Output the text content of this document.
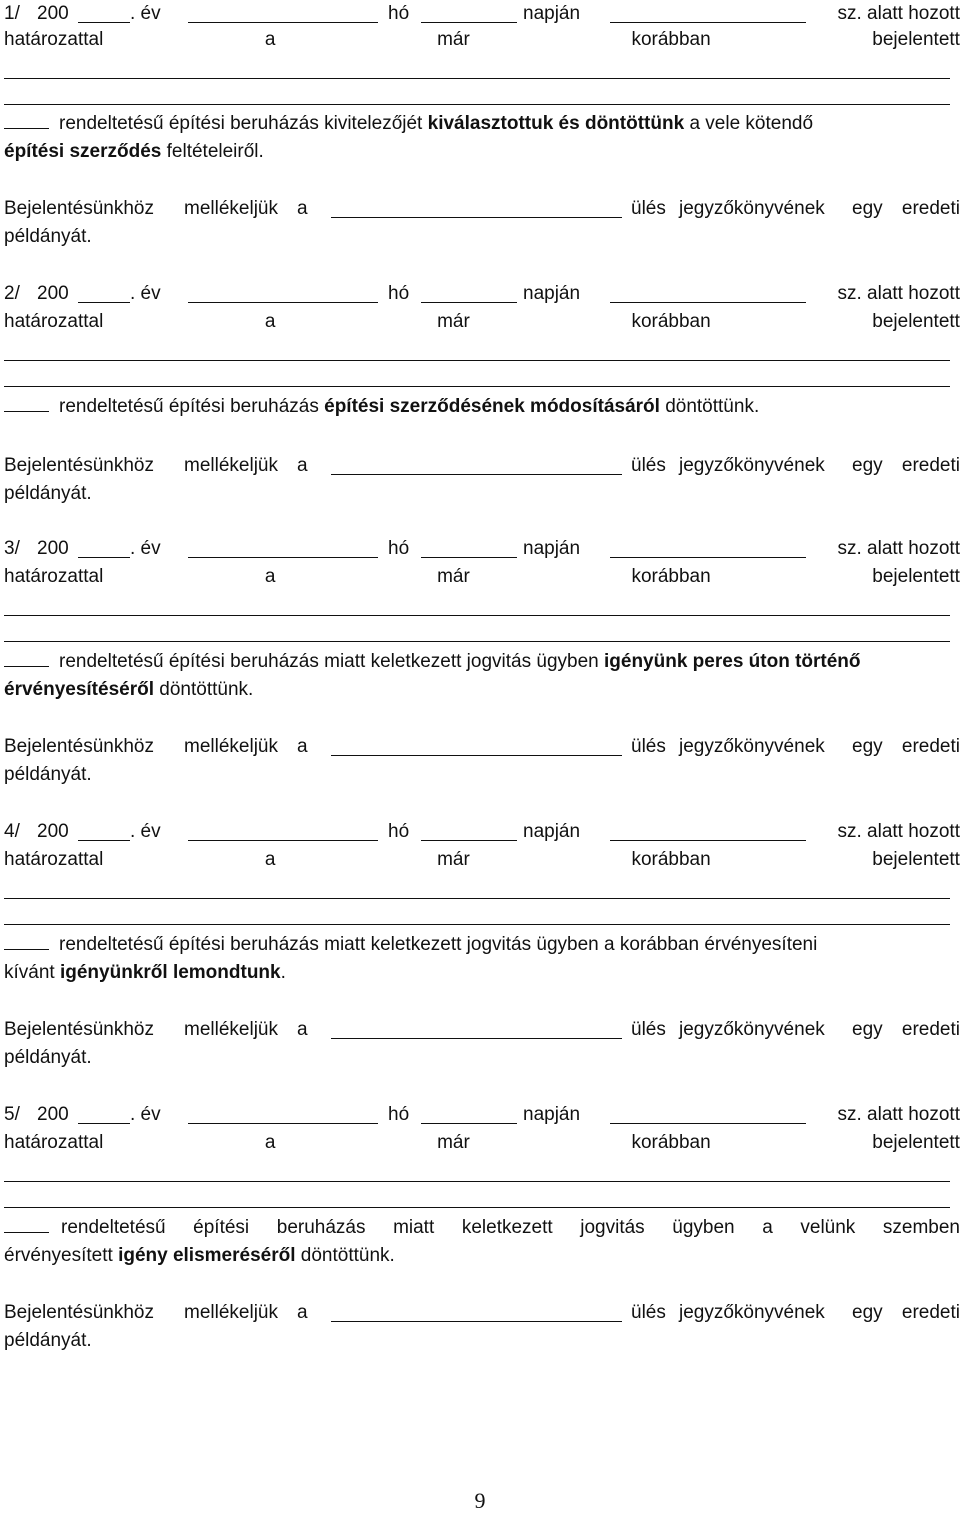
1/ 200	. év	hó	napján	sz. alatt hozott
határozattal	a	már	korábban	bejelentett
rendeltetésű építési beruházás kivitelezőjét kiválasztottuk és döntöttünk a vele kötendő
építési szerződés feltételeiről.
Bejelentésünkhöz mellékeljük a	ülés jegyzőkönyvének egy eredeti
példányát.
2/ 200	. év	hó	napján	sz. alatt hozott
határozattal	a	már	korábban	bejelentett
rendeltetésű építési beruházás építési szerződésének módosításáról döntöttünk.
Bejelentésünkhöz mellékeljük a	ülés jegyzőkönyvének egy eredeti
példányát.
3/ 200	. év	hó	napján	sz. alatt hozott
határozattal	a	már	korábban	bejelentett
rendeltetésű építési beruházás miatt keletkezett jogvitás ügyben igényünk peres úton történő
érvényesítéséről döntöttünk.
Bejelentésünkhöz mellékeljük a	ülés jegyzőkönyvének egy eredeti
példányát.
4/ 200	. év	hó	napján	sz. alatt hozott
határozattal	a	már	korábban	bejelentett
rendeltetésű építési beruházás miatt keletkezett jogvitás ügyben a korábban érvényesíteni
kívánt igényünkről lemondtunk.
Bejelentésünkhöz mellékeljük a	ülés jegyzőkönyvének egy eredeti
példányát.
5/ 200	. év	hó	napján	sz. alatt hozott
határozattal	a	már	korábban	bejelentett
rendeltetésű építési beruházás miatt keletkezett jogvitás ügyben a velünk szemben
érvényesített igény elismeréséről döntöttünk.
Bejelentésünkhöz mellékeljük a	ülés jegyzőkönyvének egy eredeti
példányát.
9
